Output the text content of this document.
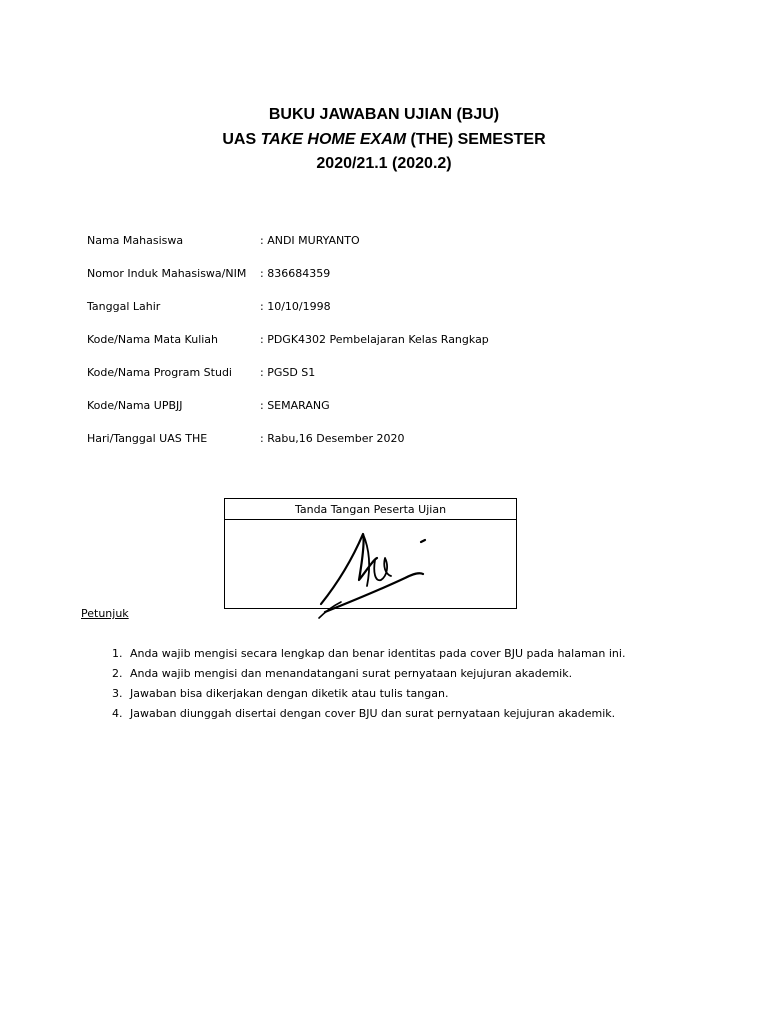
BUKU JAWABAN UJIAN (BJU)
UAS TAKE HOME EXAM (THE) SEMESTER
2020/21.1 (2020.2)
Nama Mahasiswa	: ANDI MURYANTO
Nomor Induk Mahasiswa/NIM : 836684359
Tanggal Lahir	: 10/10/1998
Kode/Nama Mata Kuliah	: PDGK4302 Pembelajaran Kelas Rangkap
Kode/Nama Program Studi	: PGSD S1
Kode/Nama UPBJJ	: SEMARANG
Hari/Tanggal UAS THE	: Rabu,16 Desember 2020
Tanda Tangan Peserta Ujian
Petunjuk
1. Anda wajib mengisi secara lengkap dan benar identitas pada cover BJU pada halaman ini.
2. Anda wajib mengisi dan menandatangani surat pernyataan kejujuran akademik.
3. Jawaban bisa dikerjakan dengan diketik atau tulis tangan.
4. Jawaban diunggah disertai dengan cover BJU dan surat pernyataan kejujuran akademik.
